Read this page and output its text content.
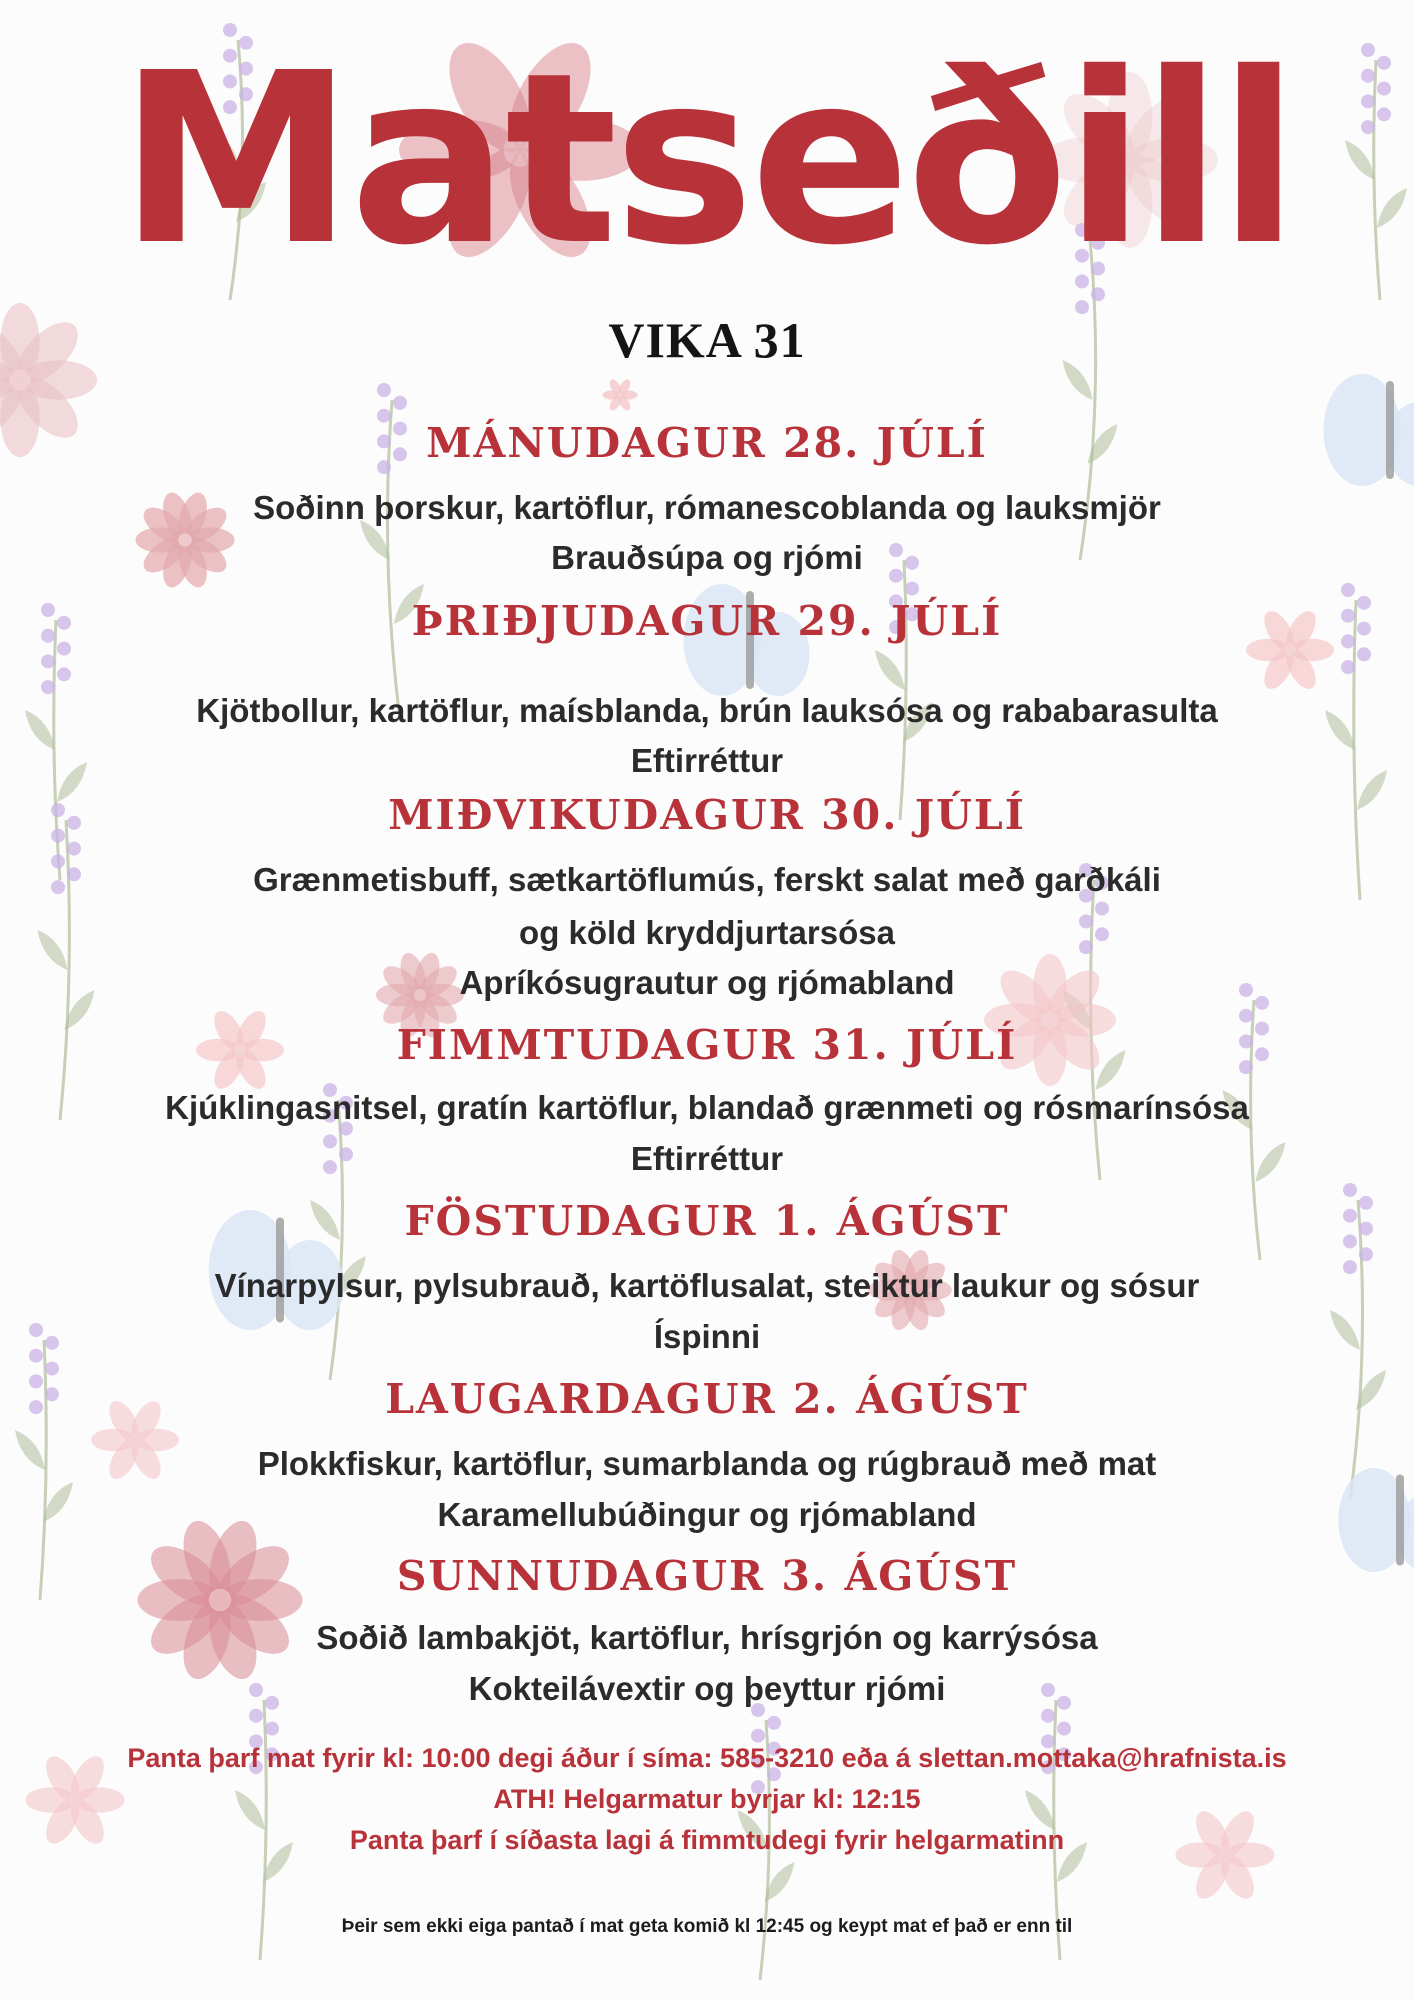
Matseðill
VIKA 31
MÁNUDAGUR 28. JÚLÍ
Soðinn þorskur, kartöflur, rómanescoblanda og lauksmjör
Brauðsúpa og rjómi
ÞRIÐJUDAGUR 29. JÚLÍ
Kjötbollur, kartöflur, maísblanda, brún lauksósa og rababarasulta
Eftirréttur
MIÐVIKUDAGUR 30. JÚLÍ
Grænmetisbuff, sætkartöflumús, ferskt salat með garðkáli
og köld kryddjurtarsósa
Apríkósugrautur og rjómabland
FIMMTUDAGUR 31. JÚLÍ
Kjúklingasnitsel, gratín kartöflur, blandað grænmeti og rósmarínsósa
Eftirréttur
FÖSTUDAGUR 1. ÁGÚST
Vínarpylsur, pylsubrauð, kartöflusalat, steiktur laukur og sósur
Íspinni
LAUGARDAGUR 2. ÁGÚST
Plokkfiskur, kartöflur, sumarblanda og rúgbrauð með mat
Karamellubúðingur og rjómabland
SUNNUDAGUR 3. ÁGÚST
Soðið lambakjöt, kartöflur, hrísgrjón og karrýsósa
Kokteilávextir og þeyttur rjómi
Panta þarf mat fyrir kl: 10:00 degi áður í síma: 585-3210 eða á slettan.mottaka@hrafnista.is
ATH! Helgarmatur byrjar kl: 12:15
Panta þarf í síðasta lagi á fimmtudegi fyrir helgarmatinn
Þeir sem ekki eiga pantað í mat geta komið kl 12:45 og keypt mat ef það er enn til
